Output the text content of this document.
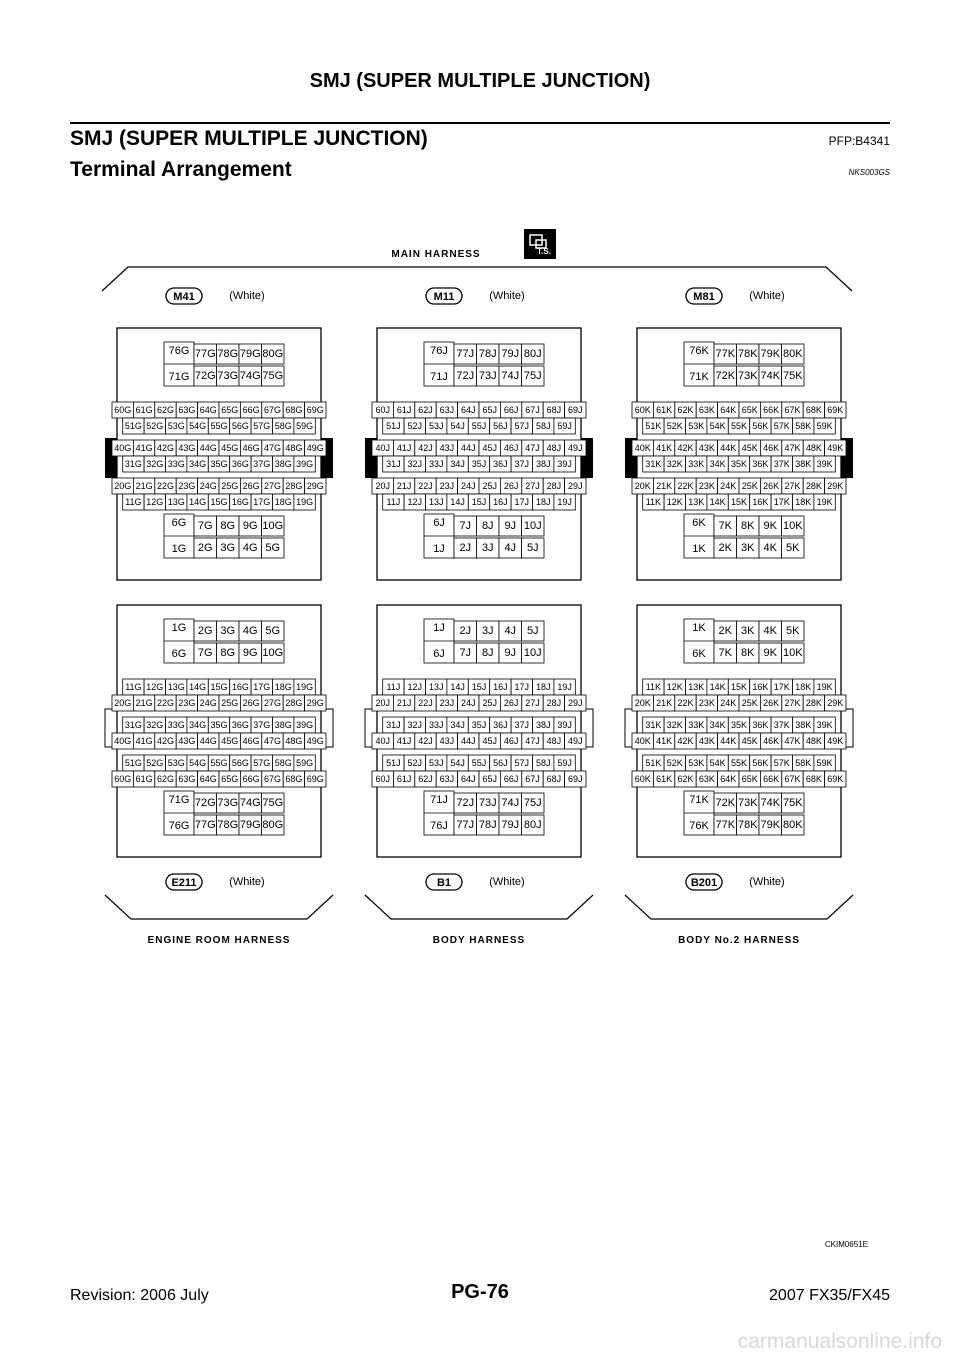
SMJ (SUPER MULTIPLE JUNCTION)
SMJ (SUPER MULTIPLE JUNCTION)	PFP:B4341
Terminal Arrangement	NKS003GS
MAIN HARNESS	T.S.
76G
71G
77G 78G 79G 80G
72G 73G 74G 75G
60G 61G 62G 63G 64G 65G 66G 67G 68G 69G
51G 52G 53G 54G 55G 56G 57G 58G 59G
40G 41G 42G 43G 44G 45G 46G 47G 48G 49G
31G 32G 33G 34G 35G 36G 37G 38G 39G
20G 21G 22G 23G 24G 25G 26G 27G 28G 29G
11G 12G 13G 14G 15G 16G 17G 18G 19G
6G
1G
7G 8G 9G 10G
2G 3G 4G 5G
M41	(White)
76J
71J
77J 78J 79J 80J
72J 73J 74J 75J
60J 61J 62J 63J 64J 65J 66J 67J 68J 69J
51J 52J 53J 54J 55J 56J 57J 58J 59J
40J 41J 42J 43J 44J 45J 46J 47J 48J 49J
31J 32J 33J 34J 35J 36J 37J 38J 39J
20J 21J 22J 23J 24J 25J 26J 27J 28J 29J
11J 12J 13J 14J 15J 16J 17J 18J 19J
6J
1J
7J 8J 9J 10J
2J 3J 4J 5J
M11	(White)
76K
71K
77K 78K 79K 80K
72K 73K 74K 75K
60K 61K 62K 63K 64K 65K 66K 67K 68K 69K
51K 52K 53K 54K 55K 56K 57K 58K 59K
40K 41K 42K 43K 44K 45K 46K 47K 48K 49K
31K 32K 33K 34K 35K 36K 37K 38K 39K
20K 21K 22K 23K 24K 25K 26K 27K 28K 29K
11K 12K 13K 14K 15K 16K 17K 18K 19K
6K
1K
7K 8K 9K 10K
2K 3K 4K 5K
M81	(White)
1G
6G
2G 3G 4G 5G
7G 8G 9G 10G
11G 12G 13G 14G 15G 16G 17G 18G 19G
20G 21G 22G 23G 24G 25G 26G 27G 28G 29G
31G 32G 33G 34G 35G 36G 37G 38G 39G
40G 41G 42G 43G 44G 45G 46G 47G 48G 49G
51G 52G 53G 54G 55G 56G 57G 58G 59G
60G 61G 62G 63G 64G 65G 66G 67G 68G 69G
71G
76G
72G 73G 74G 75G
77G 78G 79G 80G
E211	(White)
ENGINE ROOM HARNESS
1J
6J
2J 3J 4J 5J
7J 8J 9J 10J
11J 12J 13J 14J 15J 16J 17J 18J 19J
20J 21J 22J 23J 24J 25J 26J 27J 28J 29J
31J 32J 33J 34J 35J 36J 37J 38J 39J
40J 41J 42J 43J 44J 45J 46J 47J 48J 49J
51J 52J 53J 54J 55J 56J 57J 58J 59J
60J 61J 62J 63J 64J 65J 66J 67J 68J 69J
71J
76J
72J 73J 74J 75J
77J 78J 79J 80J
B1	(White)
BODY HARNESS
1K
6K
2K 3K 4K 5K
7K 8K 9K 10K
11K 12K 13K 14K 15K 16K 17K 18K 19K
20K 21K 22K 23K 24K 25K 26K 27K 28K 29K
31K 32K 33K 34K 35K 36K 37K 38K 39K
40K 41K 42K 43K 44K 45K 46K 47K 48K 49K
51K 52K 53K 54K 55K 56K 57K 58K 59K
60K 61K 62K 63K 64K 65K 66K 67K 68K 69K
71K
76K
72K 73K 74K 75K
77K 78K 79K 80K
B201	(White)
BODY No.2 HARNESS
CKIM0651E
PG-76
Revision: 2006 July	2007 FX35/FX45
carmanualsonline.info
